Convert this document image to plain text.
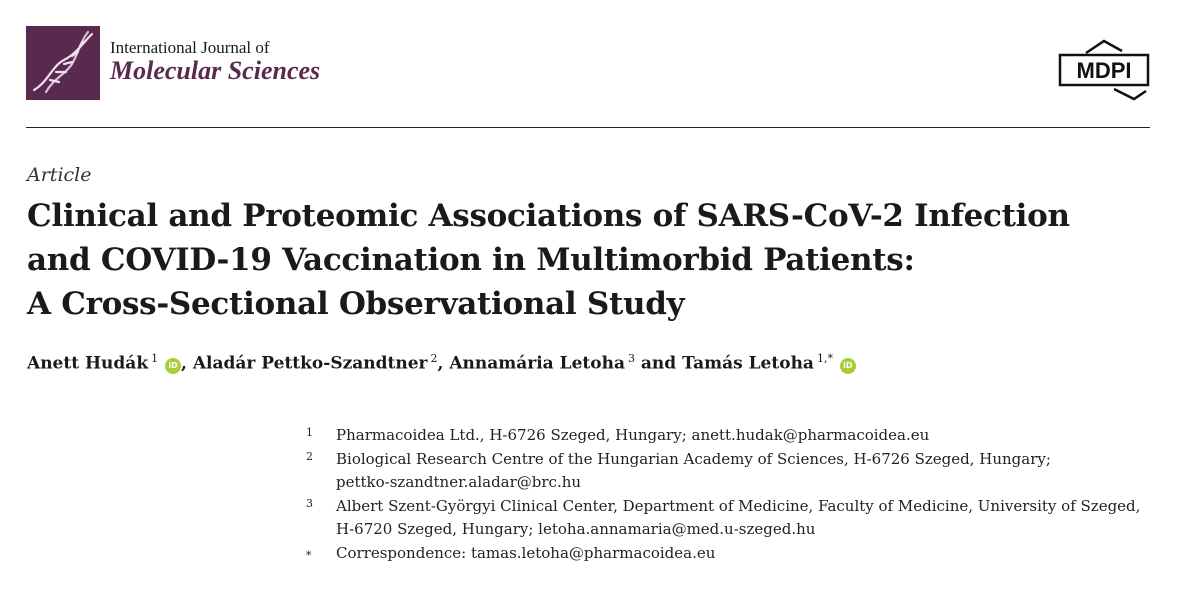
International Journal of
Molecular Sciences	MDPI
Article
Clinical and Proteomic Associations of SARS-CoV-2 Infection
and COVID-19 Vaccination in Multimorbid Patients:
A Cross-Sectional Observational Study
Anett Hudák $^1$ iD , Aladár Pettko-Szandtner $^2$, Annamária Letoha $^3$ and Tamás Letoha $^{1,*}$ iD
1 Pharmacoidea Ltd., H-6726 Szeged, Hungary; anett.hudak@pharmacoidea.eu
2 Biological Research Centre of the Hungarian Academy of Sciences, H-6726 Szeged, Hungary;
pettko-szandtner.aladar@brc.hu
3 Albert Szent-Györgyi Clinical Center, Department of Medicine, Faculty of Medicine, University of Szeged,
H-6720 Szeged, Hungary; letoha.annamaria@med.u-szeged.hu
* Correspondence: tamas.letoha@pharmacoidea.eu
